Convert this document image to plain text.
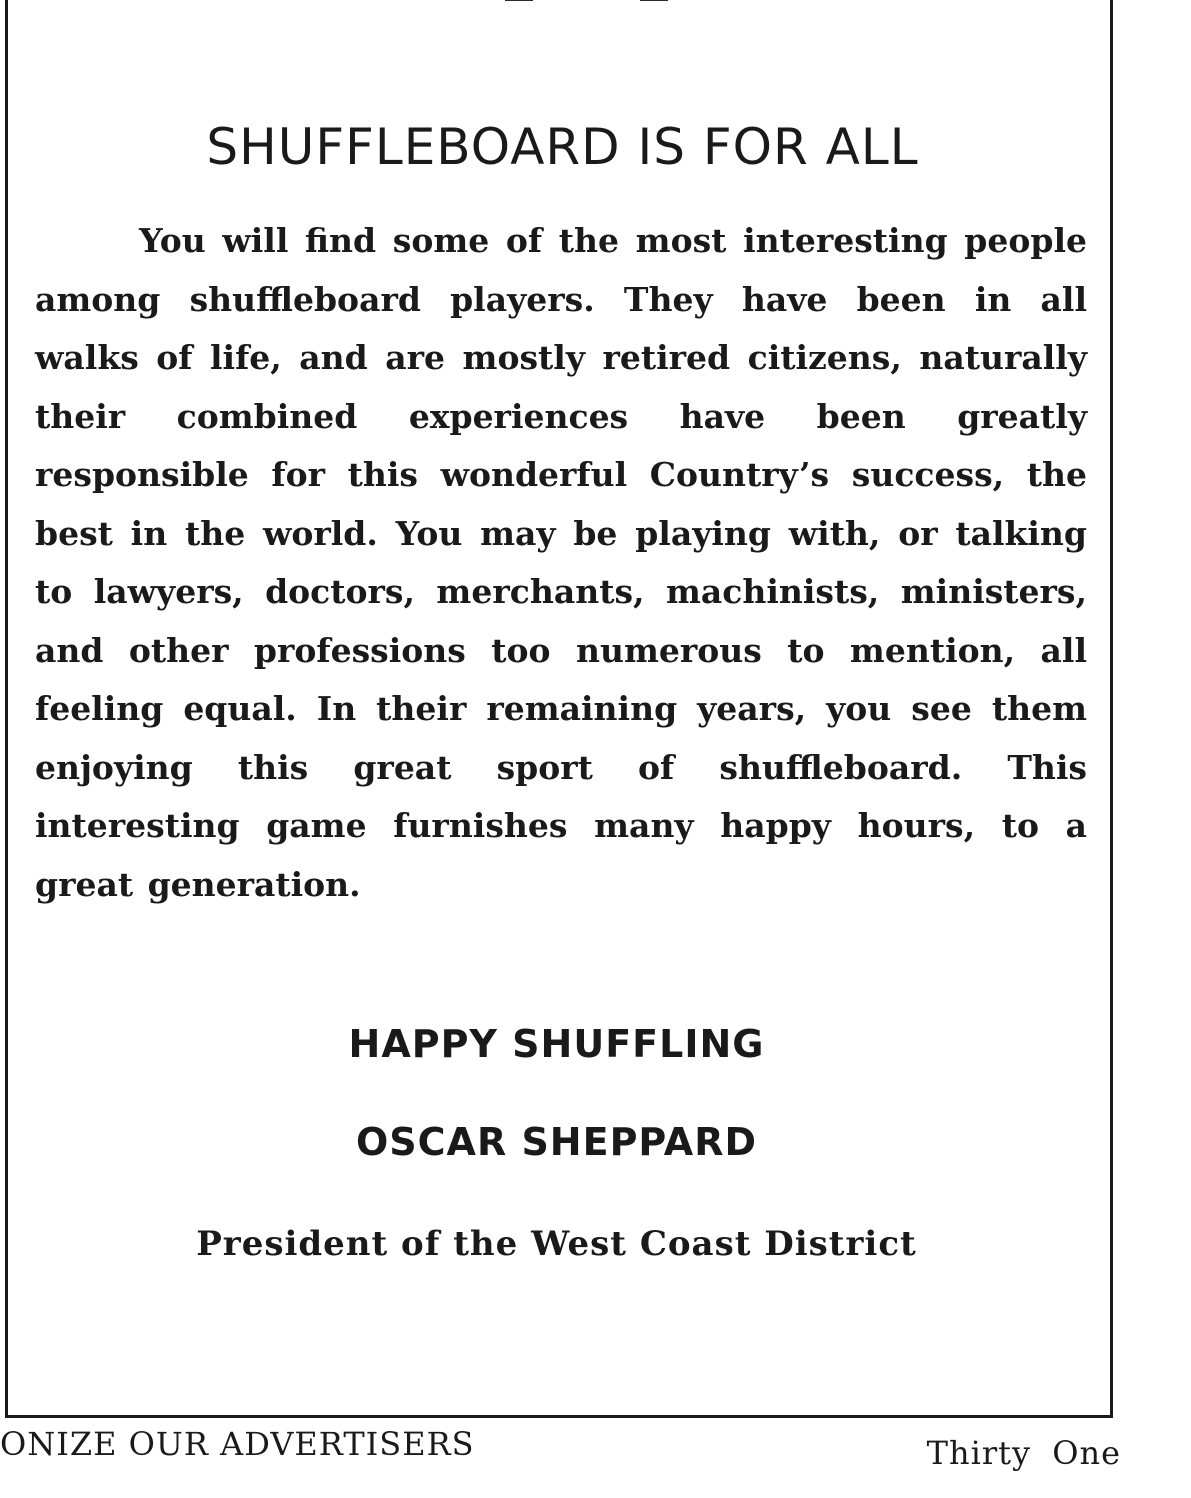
SHUFFLEBOARD IS FOR ALL

You will find some of the most interesting people among shuffleboard players. They have been in all walks of life, and are mostly retired citizens, naturally their combined experiences have been greatly responsible for this wonderful Country’s success, the best in the world. You may be playing with, or talking to lawyers, doctors, merchants, machinists, ministers, and other professions too numerous to mention, all feeling equal. In their remaining years, you see them enjoying this great sport of shuffleboard. This interesting game furnishes many happy hours, to a great generation.

HAPPY SHUFFLING

OSCAR SHEPPARD

President of the West Coast District

ONIZE OUR ADVERTISERS	Thirty One
